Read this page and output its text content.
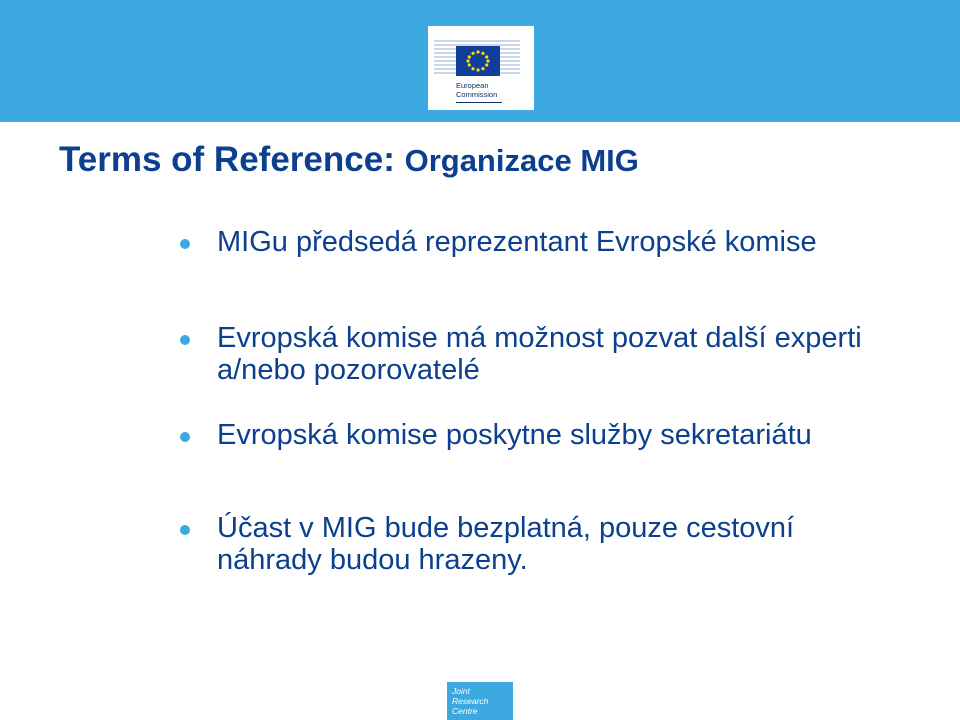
European
Commission
Terms of Reference: Organizace MIG
MIGu předsedá reprezentant Evropské komise
Evropská komise má možnost pozvat další experti a/nebo pozorovatelé
Evropská komise poskytne služby sekretariátu
Účast v MIG bude bezplatná, pouze cestovní náhrady budou hrazeny.
Joint
Research
Centre
